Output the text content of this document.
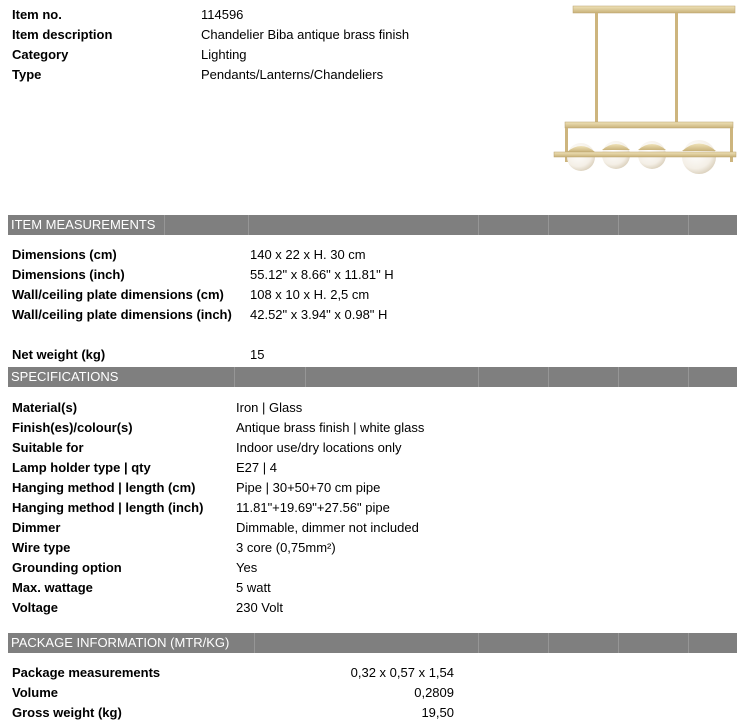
Item no.	114596
Item description	Chandelier Biba antique brass finish
Category	Lighting
Type	Pendants/Lanterns/Chandeliers
ITEM MEASUREMENTS
Dimensions (cm)	140 x 22 x H. 30 cm
Dimensions (inch)	55.12" x 8.66" x 11.81" H
Wall/ceiling plate dimensions (cm) 108 x 10 x H. 2,5 cm
Wall/ceiling plate dimensions (inch) 42.52" x 3.94" x 0.98" H
Net weight (kg)	15
SPECIFICATIONS
Material(s)	Iron | Glass
Finish(es)/colour(s)	Antique brass finish | white glass
Suitable for	Indoor use/dry locations only
Lamp holder type | qty	E27 | 4
Hanging method | length (cm)	Pipe | 30+50+70 cm pipe
Hanging method | length (inch)	11.81"+19.69"+27.56" pipe
Dimmer	Dimmable, dimmer not included
Wire type	3 core (0,75mm²)
Grounding option	Yes
Max. wattage	5 watt
Voltage	230 Volt
PACKAGE INFORMATION (MTR/KG)
Package measurements	0,32 x 0,57 x 1,54
Volume	0,2809
Gross weight (kg)	19,50
